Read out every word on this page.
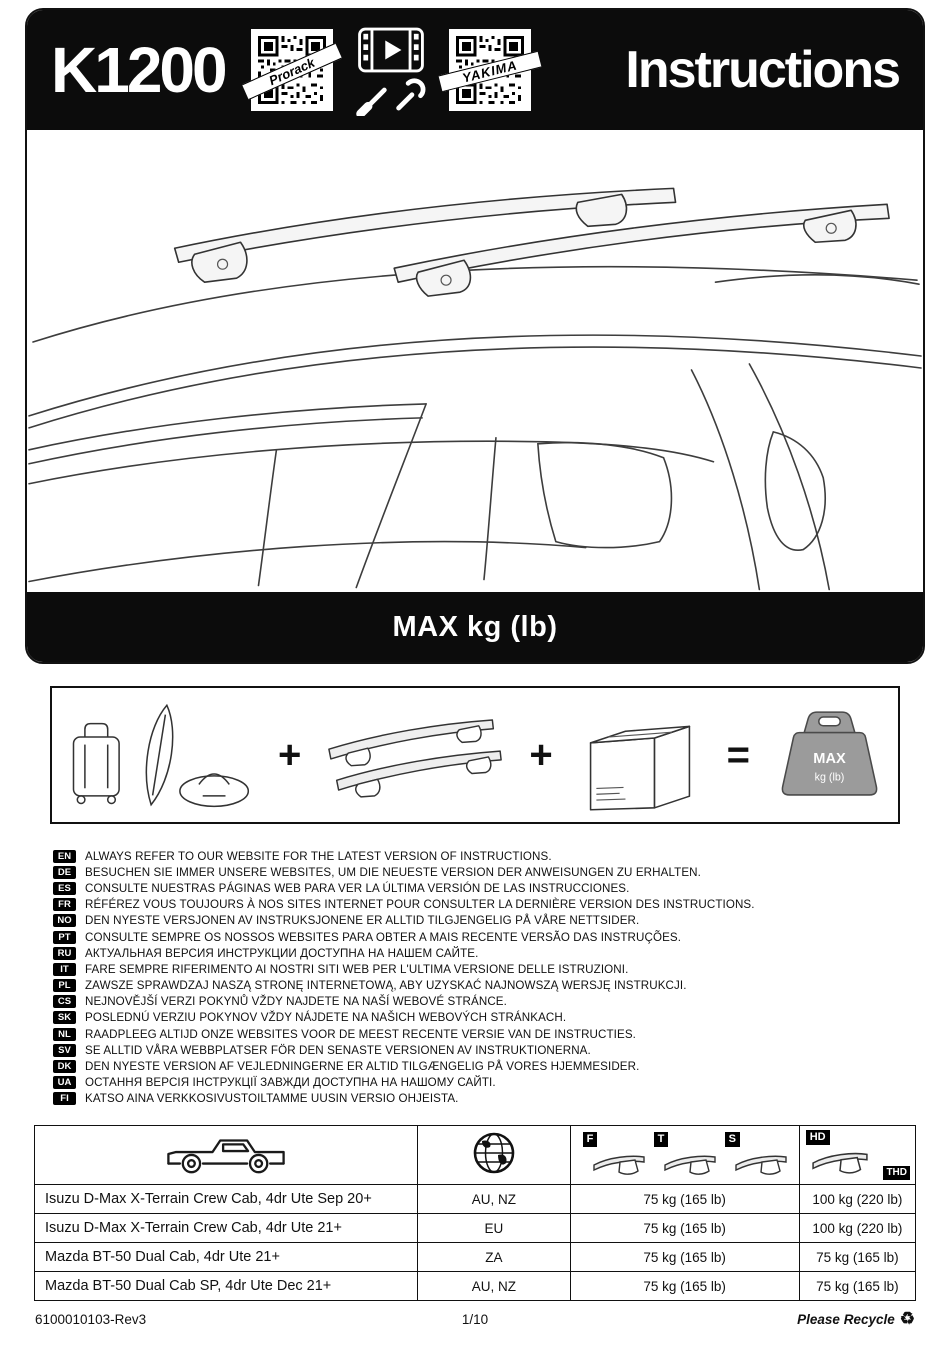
K1200	Prorack	YAKIMA	Instructions
MAX kg (lb)
+	+	=	MAX
kg (lb)
EN	ALWAYS REFER TO OUR WEBSITE FOR THE LATEST VERSION OF INSTRUCTIONS.
DE	BESUCHEN SIE IMMER UNSERE WEBSITES, UM DIE NEUESTE VERSION DER ANWEISUNGEN ZU ERHALTEN.
ES	CONSULTE NUESTRAS PÁGINAS WEB PARA VER LA ÚLTIMA VERSIÓN DE LAS INSTRUCCIONES.
FR	RÉFÉREZ VOUS TOUJOURS À NOS SITES INTERNET POUR CONSULTER LA DERNIÈRE VERSION DES INSTRUCTIONS.
NO	DEN NYESTE VERSJONEN AV INSTRUKSJONENE ER ALLTID TILGJENGELIG PÅ VÅRE NETTSIDER.
PT	CONSULTE SEMPRE OS NOSSOS WEBSITES PARA OBTER A MAIS RECENTE VERSÃO DAS INSTRUÇÕES.
RU	АКТУАЛЬНАЯ ВЕРСИЯ ИНСТРУКЦИИ ДОСТУПНА НА НАШЕМ САЙТЕ.
IT	FARE SEMPRE RIFERIMENTO AI NOSTRI SITI WEB PER L'ULTIMA VERSIONE DELLE ISTRUZIONI.
PL	ZAWSZE SPRAWDZAJ NASZĄ STRONĘ INTERNETOWĄ, ABY UZYSKAĆ NAJNOWSZĄ WERSJĘ INSTRUKCJI.
CS	NEJNOVĚJŠÍ VERZI POKYNŮ VŽDY NAJDETE NA NAŠÍ WEBOVÉ STRÁNCE.
SK	POSLEDNÚ VERZIU POKYNOV VŽDY NÁJDETE NA NAŠICH WEBOVÝCH STRÁNKACH.
NL	RAADPLEEG ALTIJD ONZE WEBSITES VOOR DE MEEST RECENTE VERSIE VAN DE INSTRUCTIES.
SV	SE ALLTID VÅRA WEBBPLATSER FÖR DEN SENASTE VERSIONEN AV INSTRUKTIONERNA.
DK	DEN NYESTE VERSION AF VEJLEDNINGERNE ER ALTID TILGÆNGELIG PÅ VORES HJEMMESIDER.
UA	ОСТАННЯ ВЕРСІЯ ІНСТРУКЦІЇ ЗАВЖДИ ДОСТУПНА НА НАШОМУ САЙТІ.
FI	KATSO AINA VERKKOSIVUSTOILTAMME UUSIN VERSIO OHJEISTA.

F	T	S	HD
THD

Isuzu D-Max X-Terrain Crew Cab, 4dr Ute Sep 20+	AU, NZ	75 kg (165 lb)	100 kg (220 lb)
Isuzu D-Max X-Terrain Crew Cab, 4dr Ute 21+	EU	75 kg (165 lb)	100 kg (220 lb)
Mazda BT-50 Dual Cab, 4dr Ute 21+	ZA	75 kg (165 lb)	75 kg (165 lb)
Mazda BT-50 Dual Cab SP, 4dr Ute Dec 21+	AU, NZ	75 kg (165 lb)	75 kg (165 lb)
6100010103-Rev3	1/10	Please Recycle ♻
